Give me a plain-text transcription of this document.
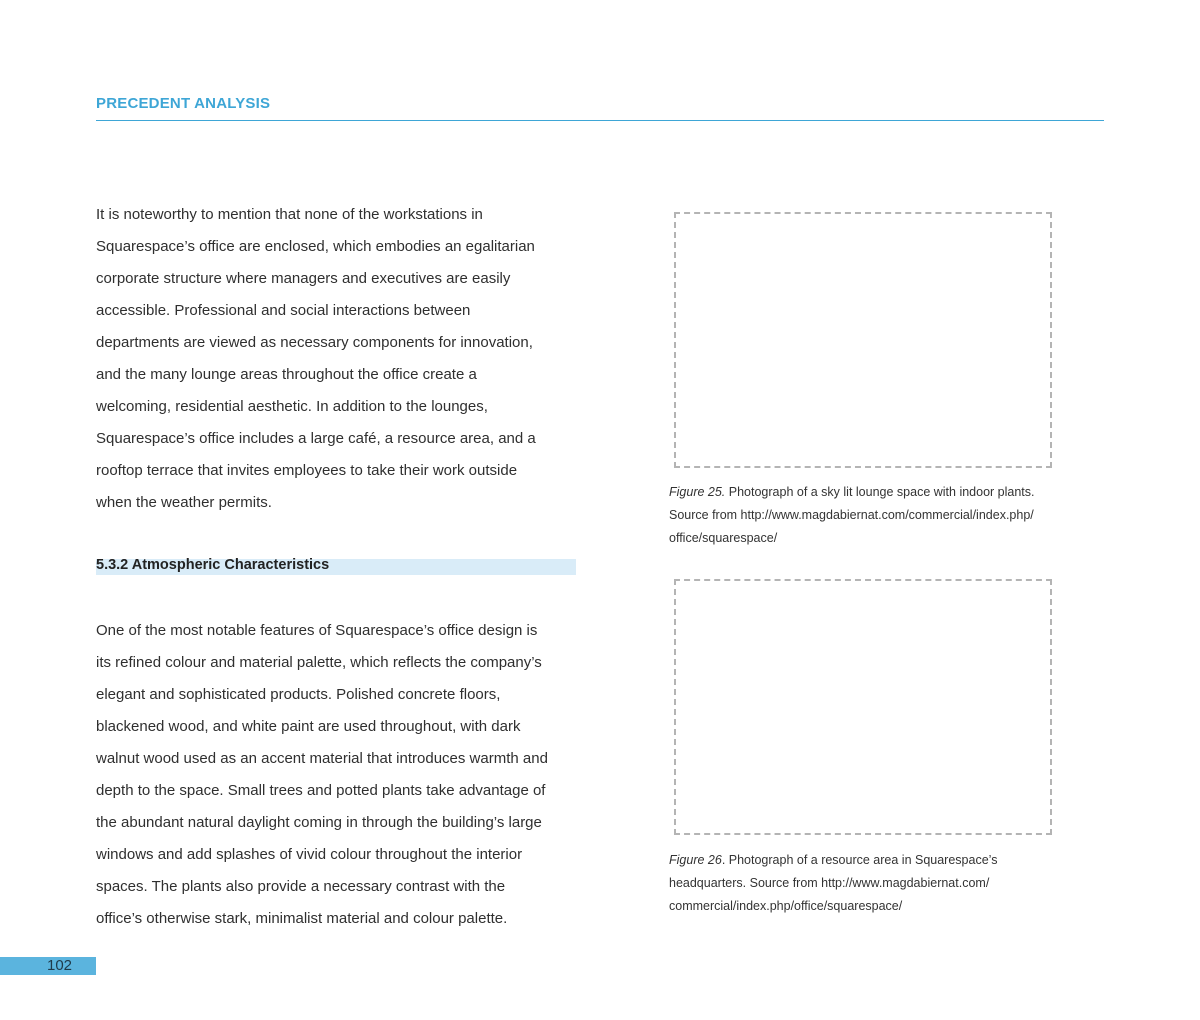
PRECEDENT ANALYSIS
It is noteworthy to mention that none of the workstations in
Squarespace’s office are enclosed, which embodies an egalitarian
corporate structure where managers and executives are easily
accessible. Professional and social interactions between
departments are viewed as necessary components for innovation,
and the many lounge areas throughout the office create a
welcoming, residential aesthetic. In addition to the lounges,
Squarespace’s office includes a large café, a resource area, and a
rooftop terrace that invites employees to take their work outside
when the weather permits.
5.3.2 Atmospheric Characteristics
One of the most notable features of Squarespace’s office design is
its refined colour and material palette, which reflects the company’s
elegant and sophisticated products. Polished concrete floors,
blackened wood, and white paint are used throughout, with dark
walnut wood used as an accent material that introduces warmth and
depth to the space. Small trees and potted plants take advantage of
the abundant natural daylight coming in through the building’s large
windows and add splashes of vivid colour throughout the interior
spaces. The plants also provide a necessary contrast with the
office’s otherwise stark, minimalist material and colour palette.
Figure 25. Photograph of a sky lit lounge space with indoor plants.
Source from http://www.magdabiernat.com/commercial/index.php/
office/squarespace/
Figure 26. Photograph of a resource area in Squarespace’s
headquarters. Source from http://www.magdabiernat.com/
commercial/index.php/office/squarespace/
102
